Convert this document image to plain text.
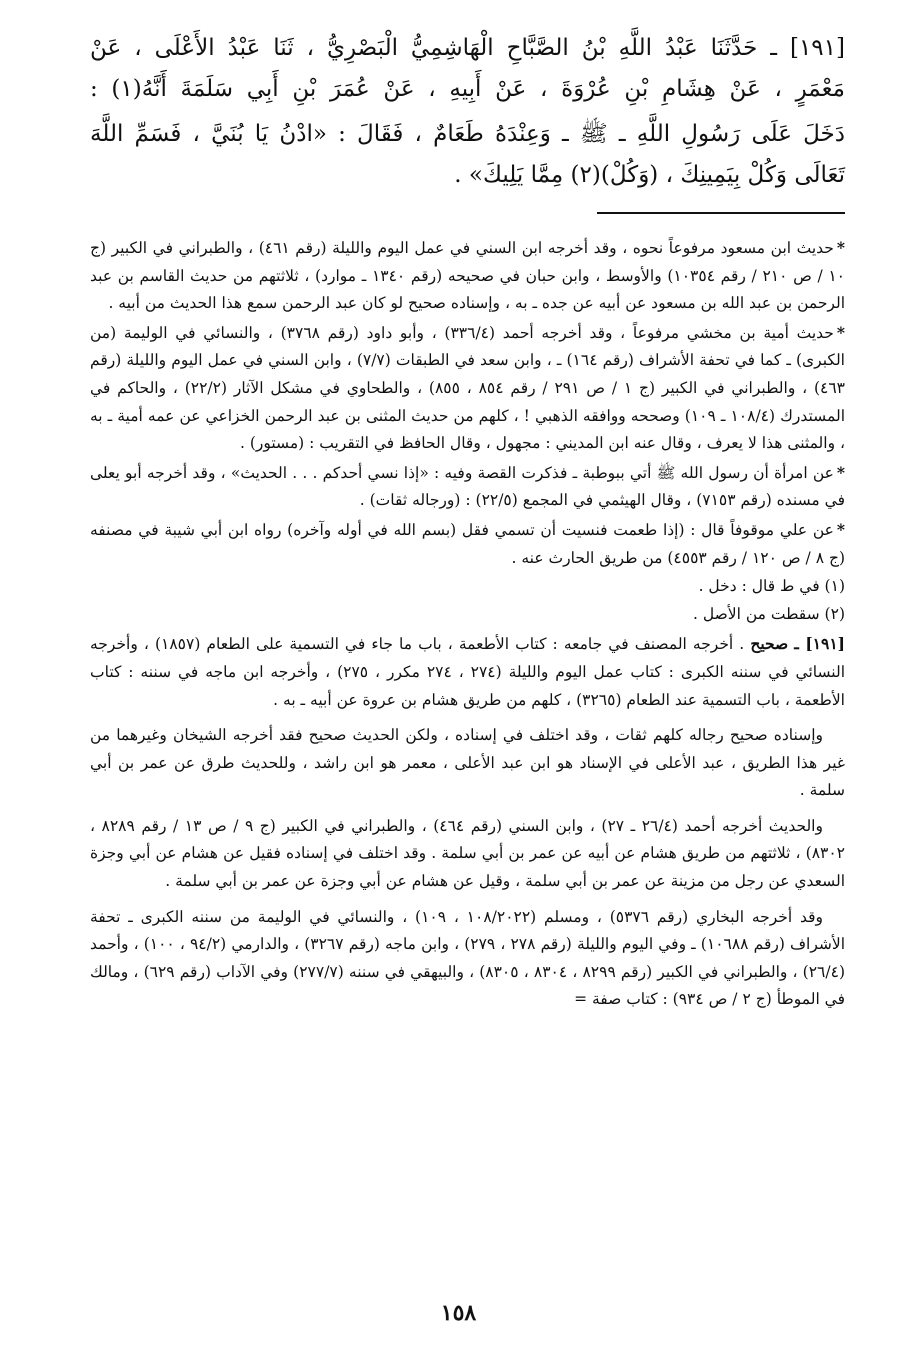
[١٩١] ـ حَدَّثَنَا عَبْدُ اللَّهِ بْنُ الصَّبَّاحِ الْهَاشِمِيُّ الْبَصْرِيُّ ، ثَنَا عَبْدُ الأَعْلَى ، عَنْ
مَعْمَرٍ ، عَنْ هِشَامِ بْنِ عُرْوَةَ ، عَنْ أَبِيهِ ، عَنْ عُمَرَ بْنِ أَبِي سَلَمَةَ أَنَّهُ(١) :
دَخَلَ عَلَى رَسُولِ اللَّهِ ـ ﷺ ـ وَعِنْدَهُ طَعَامٌ ، فَقَالَ : «ادْنُ يَا بُنَيَّ ، فَسَمِّ اللَّهَ
تَعَالَى وَكُلْ بِيَمِينِكَ ، (وَكُلْ)(٢) مِمَّا يَلِيكَ» .

*حديث ابن مسعود مرفوعاً نحوه ، وقد أخرجه ابن السني في عمل اليوم والليلة (رقم ٤٦١) ، والطبراني في الكبير (ج ١٠ / ص ٢١٠ / رقم ١٠٣٥٤) والأوسط ، وابن حبان في صحيحه (رقم ١٣٤٠ ـ موارد) ، ثلاثتهم من حديث القاسم بن عبد الرحمن بن عبد الله بن مسعود عن أبيه عن جده ـ به ، وإسناده صحيح لو كان عبد الرحمن سمع هذا الحديث من أبيه .

*حديث أمية بن مخشي مرفوعاً ، وقد أخرجه أحمد (٣٣٦/٤) ، وأبو داود (رقم ٣٧٦٨) ، والنسائي في الوليمة (من الكبرى) ـ كما في تحفة الأشراف (رقم ١٦٤) ـ ، وابن سعد في الطبقات (٧/٧) ، وابن السني في عمل اليوم والليلة (رقم ٤٦٣) ، والطبراني في الكبير (ج ١ / ص ٢٩١ / رقم ٨٥٤ ، ٨٥٥) ، والطحاوي في مشكل الآثار (٢٢/٢) ، والحاكم في المستدرك (١٠٨/٤ ـ ١٠٩) وصححه ووافقه الذهبي ! ، كلهم من حديث المثنى بن عبد الرحمن الخزاعي عن عمه أمية ـ به ، والمثنى هذا لا يعرف ، وقال عنه ابن المديني : مجهول ، وقال الحافظ في التقريب : (مستور) .

*عن امرأة أن رسول الله ﷺ أتي ببوطبة ـ فذكرت القصة وفيه : «إذا نسي أحدكم . . . الحديث» ، وقد أخرجه أبو يعلى في مسنده (رقم ٧١٥٣) ، وقال الهيثمي في المجمع (٢٢/٥) : (ورجاله ثقات) .

*عن علي موقوفاً قال : (إذا طعمت فنسيت أن تسمي فقل (بسم الله في أوله وآخره) رواه ابن أبي شيبة في مصنفه (ج ٨ / ص ١٢٠ / رقم ٤٥٥٣) من طريق الحارث عنه .

(١) في ط قال : دخل .

(٢) سقطت من الأصل .

[١٩١] ـ صحيح . أخرجه المصنف في جامعه : كتاب الأطعمة ، باب ما جاء في التسمية على الطعام (١٨٥٧) ، وأخرجه النسائي في سننه الكبرى : كتاب عمل اليوم والليلة (٢٧٤ ، ٢٧٤ مكرر ، ٢٧٥) ، وأخرجه ابن ماجه في سننه : كتاب الأطعمة ، باب التسمية عند الطعام (٣٢٦٥) ، كلهم من طريق هشام بن عروة عن أبيه ـ به .

وإسناده صحيح رجاله كلهم ثقات ، وقد اختلف في إسناده ، ولكن الحديث صحيح فقد أخرجه الشيخان وغيرهما من غير هذا الطريق ، عبد الأعلى في الإسناد هو ابن عبد الأعلى ، معمر هو ابن راشد ، وللحديث طرق عن عمر بن أبي سلمة .

والحديث أخرجه أحمد (٢٦/٤ ـ ٢٧) ، وابن السني (رقم ٤٦٤) ، والطبراني في الكبير (ج ٩ / ص ١٣ / رقم ٨٢٨٩ ، ٨٣٠٢) ، ثلاثتهم من طريق هشام عن أبيه عن عمر بن أبي سلمة . وقد اختلف في إسناده فقيل عن هشام عن أبي وجزة السعدي عن رجل من مزينة عن عمر بن أبي سلمة ، وقيل عن هشام عن أبي وجزة عن عمر بن أبي سلمة .

وقد أخرجه البخاري (رقم ٥٣٧٦) ، ومسلم (١٠٨/٢٠٢٢ ، ١٠٩) ، والنسائي في الوليمة من سننه الكبرى ـ تحفة الأشراف (رقم ١٠٦٨٨) ـ وفي اليوم والليلة (رقم ٢٧٨ ، ٢٧٩) ، وابن ماجه (رقم ٣٢٦٧) ، والدارمي (٩٤/٢ ، ١٠٠) ، وأحمد (٢٦/٤) ، والطبراني في الكبير (رقم ٨٢٩٩ ، ٨٣٠٤ ، ٨٣٠٥) ، والبيهقي في سننه (٢٧٧/٧) وفي الآداب (رقم ٦٢٩) ، ومالك في الموطأ (ج ٢ / ص ٩٣٤) : كتاب صفة =

١٥٨
